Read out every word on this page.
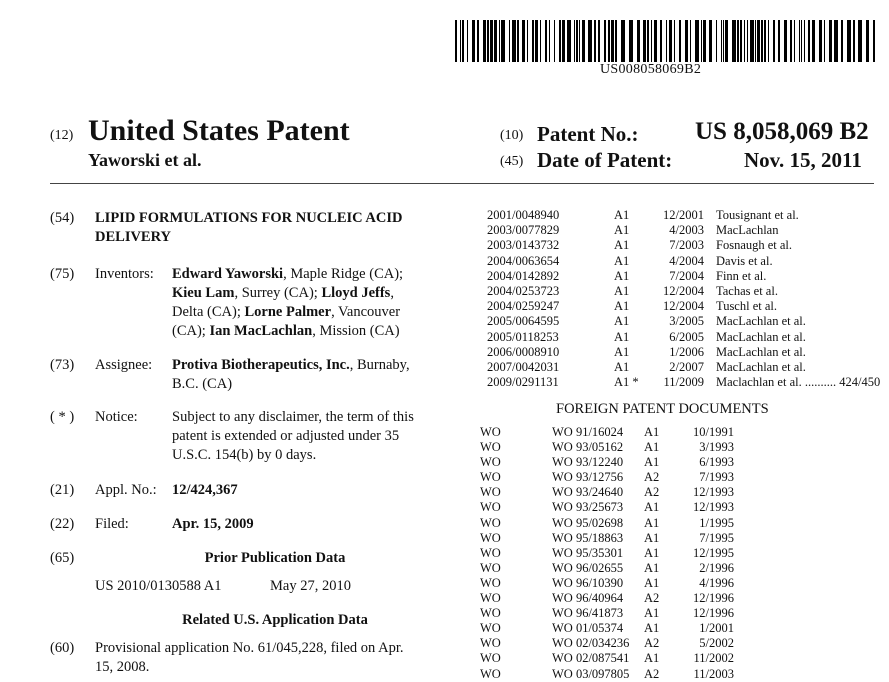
US008058069B2
(12) United States Patent
Yaworski et al.
(10) Patent No.: US 8,058,069 B2
(45) Date of Patent:	Nov. 15, 2011
(54) LIPID FORMULATIONS FOR NUCLEIC ACID DELIVERY
(75) Inventors: Edward Yaworski, Maple Ridge (CA);
Kieu Lam, Surrey (CA); Lloyd Jeffs,
Delta (CA); Lorne Palmer, Vancouver
(CA); Ian MacLachlan, Mission (CA)
(73) Assignee: Protiva Biotherapeutics, Inc., Burnaby,
B.C. (CA)
( * ) Notice: Subject to any disclaimer, the term of this
patent is extended or adjusted under 35
U.S.C. 154(b) by 0 days.
(21) Appl. No.: 12/424,367
(22) Filed:	Apr. 15, 2009
(65)	Prior Publication Data
US 2010/0130588 A1	May 27, 2010
Related U.S. Application Data
(60) Provisional application No. 61/045,228, filed on Apr.
15, 2008.
2001/0048940	A1	12/2001 Tousignant et al.
2003/0077829	A1	4/2003 MacLachlan
2003/0143732	A1	7/2003 Fosnaugh et al.
2004/0063654	A1	4/2004 Davis et al.
2004/0142892	A1	7/2004 Finn et al.
2004/0253723	A1	12/2004 Tachas et al.
2004/0259247	A1	12/2004 Tuschl et al.
2005/0064595	A1	3/2005 MacLachlan et al.
2005/0118253	A1	6/2005 MacLachlan et al.
2006/0008910	A1	1/2006 MacLachlan et al.
2007/0042031	A1	2/2007 MacLachlan et al.
2009/0291131	A1 *	11/2009 Maclachlan et al. .......... 424/450
FOREIGN PATENT DOCUMENTS
WO	WO 91/16024	A1	10/1991
WO	WO 93/05162	A1	3/1993
WO	WO 93/12240	A1	6/1993
WO	WO 93/12756	A2	7/1993
WO	WO 93/24640	A2	12/1993
WO	WO 93/25673	A1	12/1993
WO	WO 95/02698	A1	1/1995
WO	WO 95/18863	A1	7/1995
WO	WO 95/35301	A1	12/1995
WO	WO 96/02655	A1	2/1996
WO	WO 96/10390	A1	4/1996
WO	WO 96/40964	A2	12/1996
WO	WO 96/41873	A1	12/1996
WO	WO 01/05374	A1	1/2001
WO	WO 02/034236	A2	5/2002
WO	WO 02/087541	A1	11/2002
WO	WO 03/097805	A2	11/2003
